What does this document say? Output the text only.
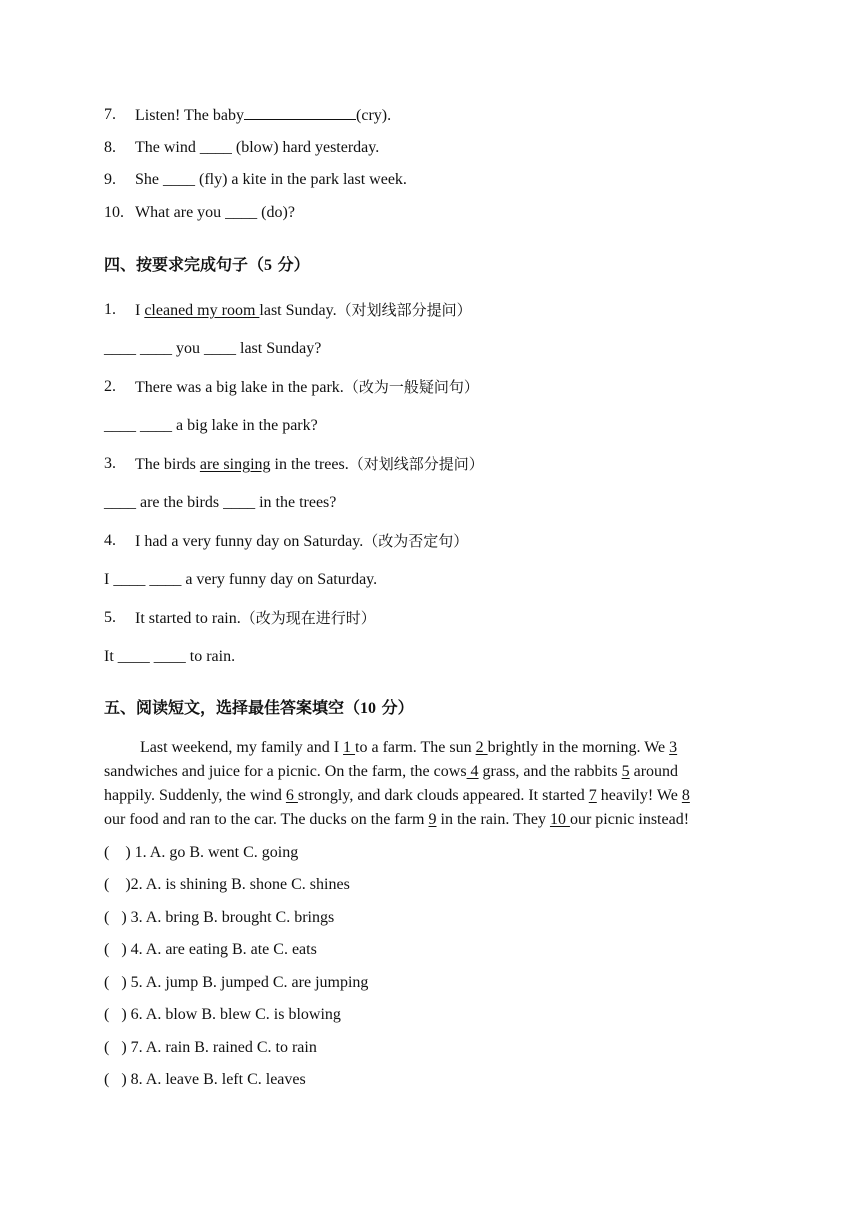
7.	Listen! The baby	(cry).
8.	The wind ____ (blow) hard yesterday.
9.	She ____ (fly) a kite in the park last week.
10. What are you ____ (do)?
四、按要求完成句子（5 分）
1.	I cleaned my room last Sunday.（对划线部分提问）
____ ____ you ____ last Sunday?
2.	There was a big lake in the park.（改为一般疑问句）
____ ____ a big lake in the park?
3.	The birds are singing in the trees.（对划线部分提问）
____ are the birds ____ in the trees?
4.	I had a very funny day on Saturday.（改为否定句）
I ____ ____ a very funny day on Saturday.
5.	It started to rain.（改为现在进行时）
It ____ ____ to rain.
五、阅读短文，选择最佳答案填空（10 分）
Last weekend, my family and I 1 to a farm. The sun 2 brightly in the morning. We 3
sandwiches and juice for a picnic. On the farm, the cows 4 grass, and the rabbits 5 around
happily. Suddenly, the wind 6 strongly, and dark clouds appeared. It started 7 heavily! We 8
our food and ran to the car. The ducks on the farm 9 in the rain. They 10 our picnic instead!
(    ) 1. A. go B. went C. going
(    )2. A. is shining B. shone C. shines
(   ) 3. A. bring B. brought C. brings
(   ) 4. A. are eating B. ate C. eats
(   ) 5. A. jump B. jumped C. are jumping
(   ) 6. A. blow B. blew C. is blowing
(   ) 7. A. rain B. rained C. to rain
(   ) 8. A. leave B. left C. leaves
